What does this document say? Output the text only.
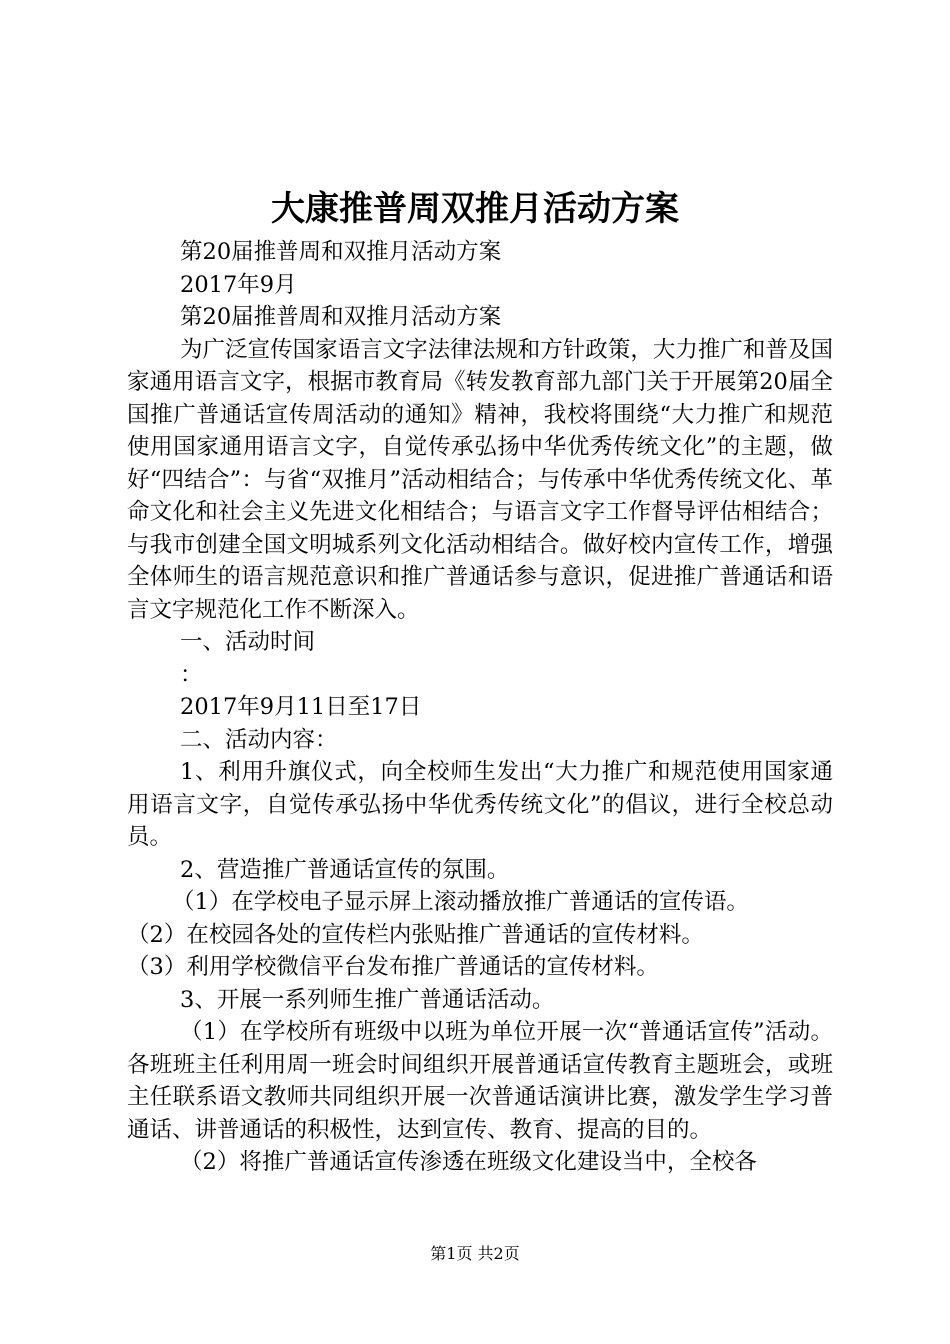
大康推普周双推月活动方案

第20届推普周和双推月活动方案

2017年9月

第20届推普周和双推月活动方案

为广泛宣传国家语言文字法律法规和方针政策，大力推广和普及国家通用语言文字，根据市教育局《转发教育部九部门关于开展第20届全国推广普通话宣传周活动的通知》精神，我校将围绕“大力推广和规范使用国家通用语言文字，自觉传承弘扬中华优秀传统文化”的主题，做好“四结合”：与省“双推月”活动相结合；与传承中华优秀传统文化、革命文化和社会主义先进文化相结合；与语言文字工作督导评估相结合；与我市创建全国文明城系列文化活动相结合。做好校内宣传工作，增强全体师生的语言规范意识和推广普通话参与意识，促进推广普通话和语言文字规范化工作不断深入。

一、活动时间

：

2017年9月11日至17日

二、活动内容：

1、利用升旗仪式，向全校师生发出“大力推广和规范使用国家通用语言文字，自觉传承弘扬中华优秀传统文化”的倡议，进行全校总动员。

2、营造推广普通话宣传的氛围。

（1）在学校电子显示屏上滚动播放推广普通话的宣传语。

（2）在校园各处的宣传栏内张贴推广普通话的宣传材料。

（3）利用学校微信平台发布推广普通话的宣传材料。

3、开展一系列师生推广普通话活动。

（1）在学校所有班级中以班为单位开展一次“普通话宣传”活动。各班班主任利用周一班会时间组织开展普通话宣传教育主题班会，或班主任联系语文教师共同组织开展一次普通话演讲比赛，激发学生学习普通话、讲普通话的积极性，达到宣传、教育、提高的目的。

（2）将推广普通话宣传渗透在班级文化建设当中，全校各

第1页 共2页
